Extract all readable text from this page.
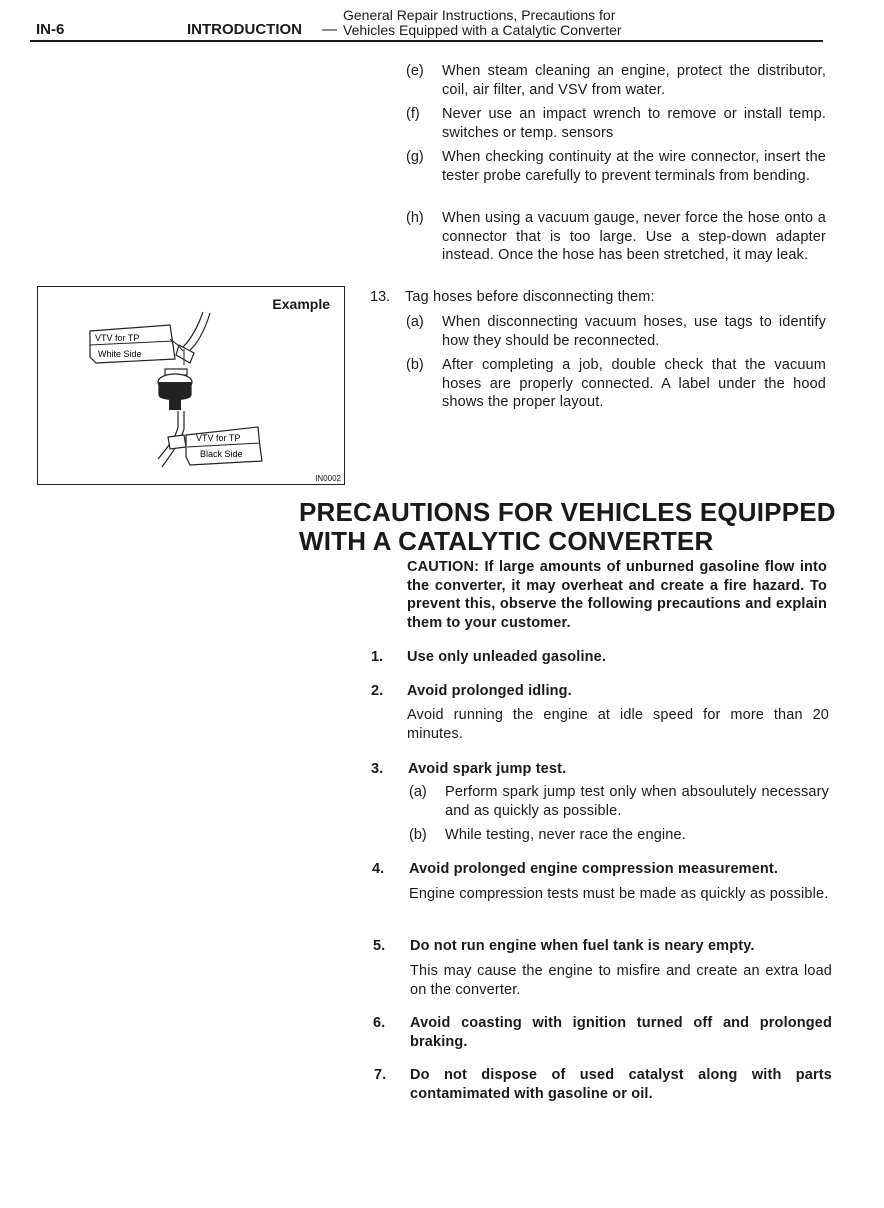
IN-6	INTRODUCTION —
General Repair Instructions, Precautions for
Vehicles Equipped with a Catalytic Converter
(e) When steam cleaning an engine, protect the distributor, coil, air filter, and VSV from water.
(f) Never use an impact wrench to remove or install temp. switches or temp. sensors
(g) When checking continuity at the wire connector, insert the tester probe carefully to prevent terminals from bending.
(h) When using a vacuum gauge, never force the hose onto a connector that is too large. Use a step-down adapter instead. Once the hose has been stretched, it may leak.
13. Tag hoses before disconnecting them:
(a) When disconnecting vacuum hoses, use tags to identify how they should be reconnected.
(b) After completing a job, double check that the vacuum hoses are properly connected. A label under the hood shows the proper layout.
VTV for TP
White Side
VTV for TP
Black Side
Example
IN0002
PRECAUTIONS FOR VEHICLES EQUIPPED
WITH A CATALYTIC CONVERTER
CAUTION: If large amounts of unburned gasoline flow into the converter, it may overheat and create a fire hazard. To prevent this, observe the following precautions and explain them to your customer.
1. Use only unleaded gasoline.
2. Avoid prolonged idling.
Avoid running the engine at idle speed for more than 20 minutes.
3. Avoid spark jump test.
(a) Perform spark jump test only when absoulutely necessary and as quickly as possible.
(b) While testing, never race the engine.
4. Avoid prolonged engine compression measurement.
Engine compression tests must be made as quickly as possible.
5. Do not run engine when fuel tank is neary empty.
This may cause the engine to misfire and create an extra load on the converter.
6. Avoid coasting with ignition turned off and prolonged braking.
7. Do not dispose of used catalyst along with parts contamimated with gasoline or oil.
